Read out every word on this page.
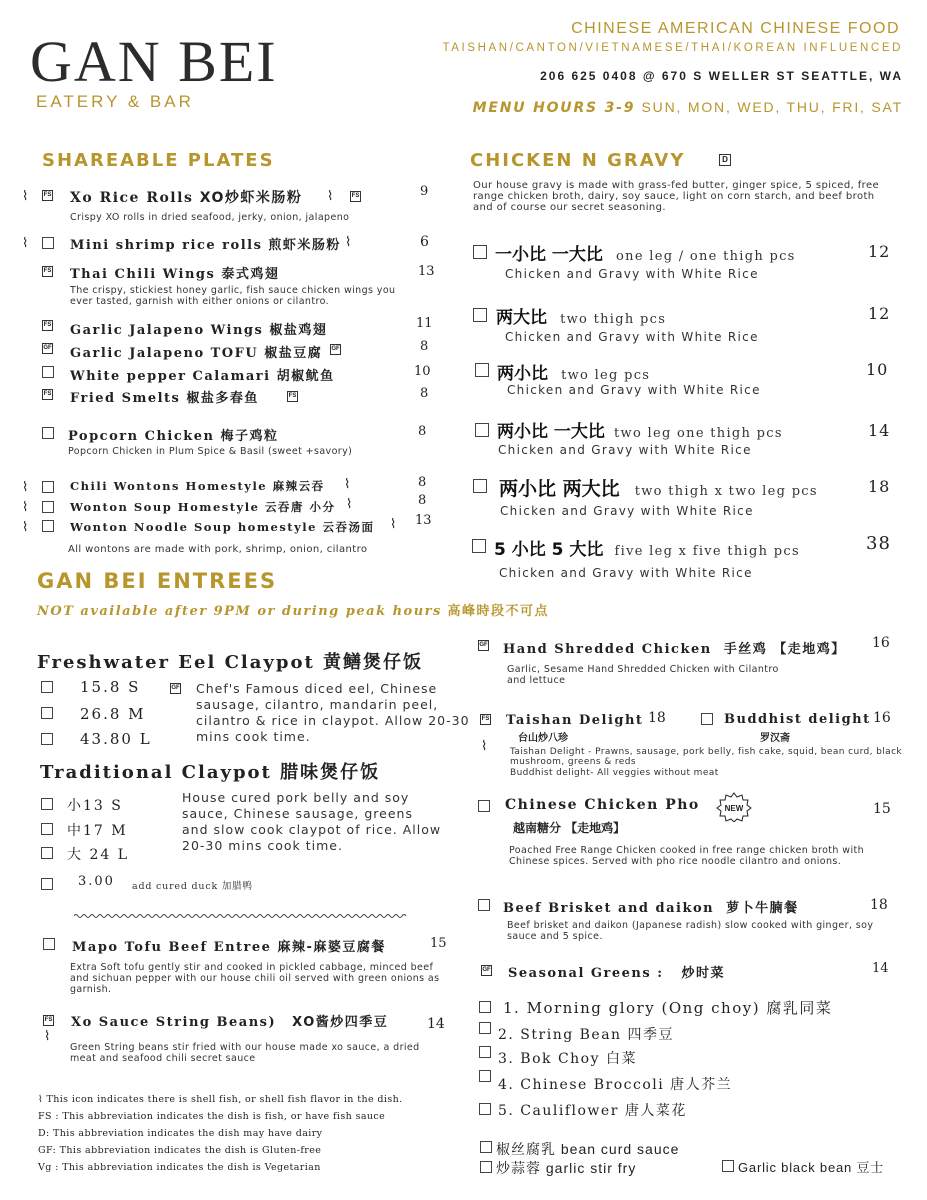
GAN BEI
EATERY & BAR
CHINESE AMERICAN CHINESE FOOD
TAISHAN/CANTON/VIETNAMESE/THAI/KOREAN INFLUENCED
206 625 0408 @ 670 S WELLER ST SEATTLE, WA
MENU HOURS 3-9 SUN, MON, WED, THU, FRI, SAT
SHAREABLE PLATES
⌇	FS Xo Rice Rolls XO炒虾米肠粉 ⌇	FS	9
Crispy XO rolls in dried seafood, jerky, onion, jalapeno
⌇	Mini shrimp rice rolls 煎虾米肠粉 ⌇	6
FS Thai Chili Wings 泰式鸡翅	13
The crispy, stickiest honey garlic, fish sauce chicken wings you ever tasted, garnish with either onions or cilantro.
FS Garlic Jalapeno Wings 椒盐鸡翅	11
GF Garlic Jalapeno TOFU 椒盐豆腐 GF	8
White pepper Calamari 胡椒鱿鱼	10
FS Fried Smelts 椒盐多春鱼	FS	8
Popcorn Chicken 梅子鸡粒	8
Popcorn Chicken in Plum Spice & Basil (sweet +savory)
⌇	Chili Wontons Homestyle 麻辣云吞 ⌇	8
⌇	Wonton Soup Homestyle 云吞唐 小分 ⌇	8
⌇	Wonton Noodle Soup homestyle 云吞汤面 ⌇ 13
All wontons are made with pork, shrimp, onion, cilantro
CHICKEN N GRAVY	D
Our house gravy is made with grass-fed butter, ginger spice, 5 spiced, free range chicken broth, dairy, soy sauce, light on corn starch, and beef broth and of course our secret seasoning.
一小比 一大比 one leg / one thigh pcs	12
Chicken and Gravy with White Rice
两大比 two thigh pcs	12
Chicken and Gravy with White Rice
两小比 two leg pcs	10
Chicken and Gravy with White Rice
两小比 一大比 two leg one thigh pcs	14
Chicken and Gravy with White Rice
两小比 两大比 two thigh x two leg pcs	18
Chicken and Gravy with White Rice
5 小比 5 大比 five leg x five thigh pcs	38
Chicken and Gravy with White Rice
GAN BEI ENTREES
NOT available after 9PM or during peak hours 高峰時段不可点
Freshwater Eel Claypot 黄鳝煲仔饭
15.8 S
26.8 M
43.80 L
GF Chef's Famous diced eel, Chinese sausage, cilantro, mandarin peel, cilantro & rice in claypot. Allow 20-30 mins cook time.
Traditional Claypot 腊味煲仔饭
小13 S
中17 M
大 24 L
House cured pork belly and soy sauce, Chinese sausage, greens and slow cook claypot of rice. Allow 20-30 mins cook time.
3.00 add cured duck 加腊鸭
Mapo Tofu Beef Entree 麻辣-麻婆豆腐餐	15
Extra Soft tofu gently stir and cooked in pickled cabbage, minced beef and sichuan pepper with our house chili oil served with green onions as garnish.
FS
⌇
Xo Sauce String Beans) XO酱炒四季豆	14
Green String beans stir fried with our house made xo sauce, a dried meat and seafood chili secret sauce
⌇ This icon indicates there is shell fish, or shell fish flavor in the dish.
FS : This abbreviation indicates the dish is fish, or have fish sauce
D: This abbreviation indicates the dish may have dairy
GF: This abbreviation indicates the dish is Gluten-free
Vg : This abbreviation indicates the dish is Vegetarian
GF Hand Shredded Chicken 手丝鸡 【走地鸡】 16
Garlic, Sesame Hand Shredded Chicken with Cilantro and lettuce
FS
⌇
Taishan Delight
台山炒八珍
18	Buddhist delight
罗汉斋
16
Taishan Delight - Prawns, sausage, pork belly, fish cake, squid, bean curd, black mushroom, greens & reds
Buddhist delight- All veggies without meat
Chinese Chicken Pho
越南糖分 【走地鸡】
NEW	15
Poached Free Range Chicken cooked in free range chicken broth with Chinese spices. Served with pho rice noodle cilantro and onions.
Beef Brisket and daikon 萝卜牛腩餐	18
Beef brisket and daikon (Japanese radish) slow cooked with ginger, soy sauce and 5 spice.
GF Seasonal Greens : 炒时菜	14
1. Morning glory (Ong choy) 腐乳同菜
2. String Bean 四季豆
3. Bok Choy 白菜
4. Chinese Broccoli 唐人芥兰
5. Cauliflower 唐人菜花
椒丝腐乳 bean curd sauce
炒蒜蓉 garlic stir fry	Garlic black bean 豆士
